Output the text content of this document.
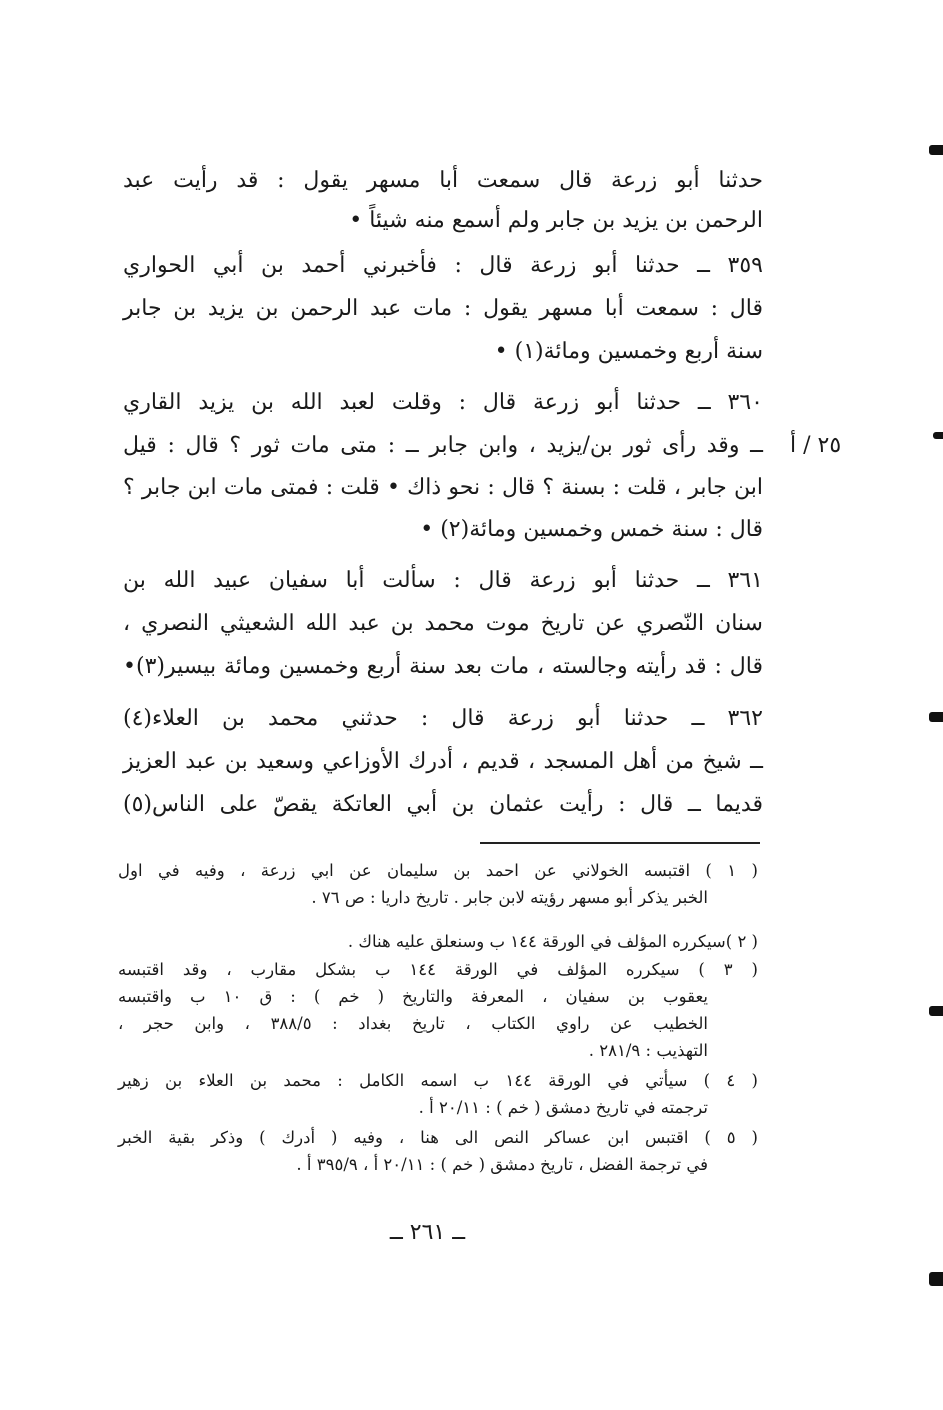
حدثنا أبو زرعة قال سمعت أبا مسهر يقول : قد رأيت عبد
الرحمن بن يزيد بن جابر ولم أسمع منه شيئاً •
٣٥٩ ــ حدثنا أبو زرعة قال : فأخبرني أحمد بن أبي الحواري
قال : سمعت أبا مسهر يقول : مات عبد الرحمن بن يزيد بن جابر
سنة أربع وخمسين ومائة(١) •
٣٦٠ ــ حدثنا أبو زرعة قال : وقلت لعبد الله بن يزيد القاري
ــ وقد رأى ثور بن/يزيد ، وابن جابر ــ : متى مات ثور ؟ قال : قيل
ابن جابر ، قلت : بسنة ؟ قال : نحو ذاك • قلت : فمتى مات ابن جابر ؟
قال : سنة خمس وخمسين ومائة(٢) •
٣٦١ ــ حدثنا أبو زرعة قال : سألت أبا سفيان عبيد الله بن
سنان النّصري عن تاريخ موت محمد بن عبد الله الشعيثي النصري ،
قال : قد رأيته وجالسته ، مات بعد سنة أربع وخمسين ومائة بيسير(٣)•
٣٦٢ ــ حدثنا أبو زرعة قال : حدثني محمد بن العلاء(٤)
ــ شيخ من أهل المسجد ، قديم ، أدرك الأوزاعي وسعيد بن عبد العزيز
قديما ــ قال : رأيت عثمان بن أبي العاتكة يقصّ على الناس(٥)
٢٥ / أ
( ١ ) اقتبسه الخولاني عن احمد بن سليمان عن ابي زرعة ، وفيه في اول
الخبر يذكر أبو مسهر رؤيته لابن جابر . تاريخ داريا : ص ٧٦ .
( ٢ )سيكرره المؤلف في الورقة ١٤٤ ب وسنعلق عليه هناك .
( ٣ ) سيكرره المؤلف في الورقة ١٤٤ ب بشكل مقارب ، وقد اقتبسه
يعقوب بن سفيان ، المعرفة والتاريخ ( خم ) : ق ١٠ ب واقتبسه
الخطيب عن راوي الكتاب ، تاريخ بغداد : ٣٨٨/٥ ، وابن حجر ،
التهذيب : ٢٨١/٩ .
( ٤ ) سيأتي في الورقة ١٤٤ ب اسمه الكامل : محمد بن العلاء بن زهير
ترجمته في تاريخ دمشق ( خم ) : ٢٠/١١ أ .
( ٥ ) اقتبس ابن عساكر النص الى هنا ، وفيه ( أدرك ) وذكر بقية الخبر
في ترجمة الفضل ، تاريخ دمشق ( خم ) : ٢٠/١١ أ ، ٣٩٥/٩ أ .
ــ ٢٦١ ــ
